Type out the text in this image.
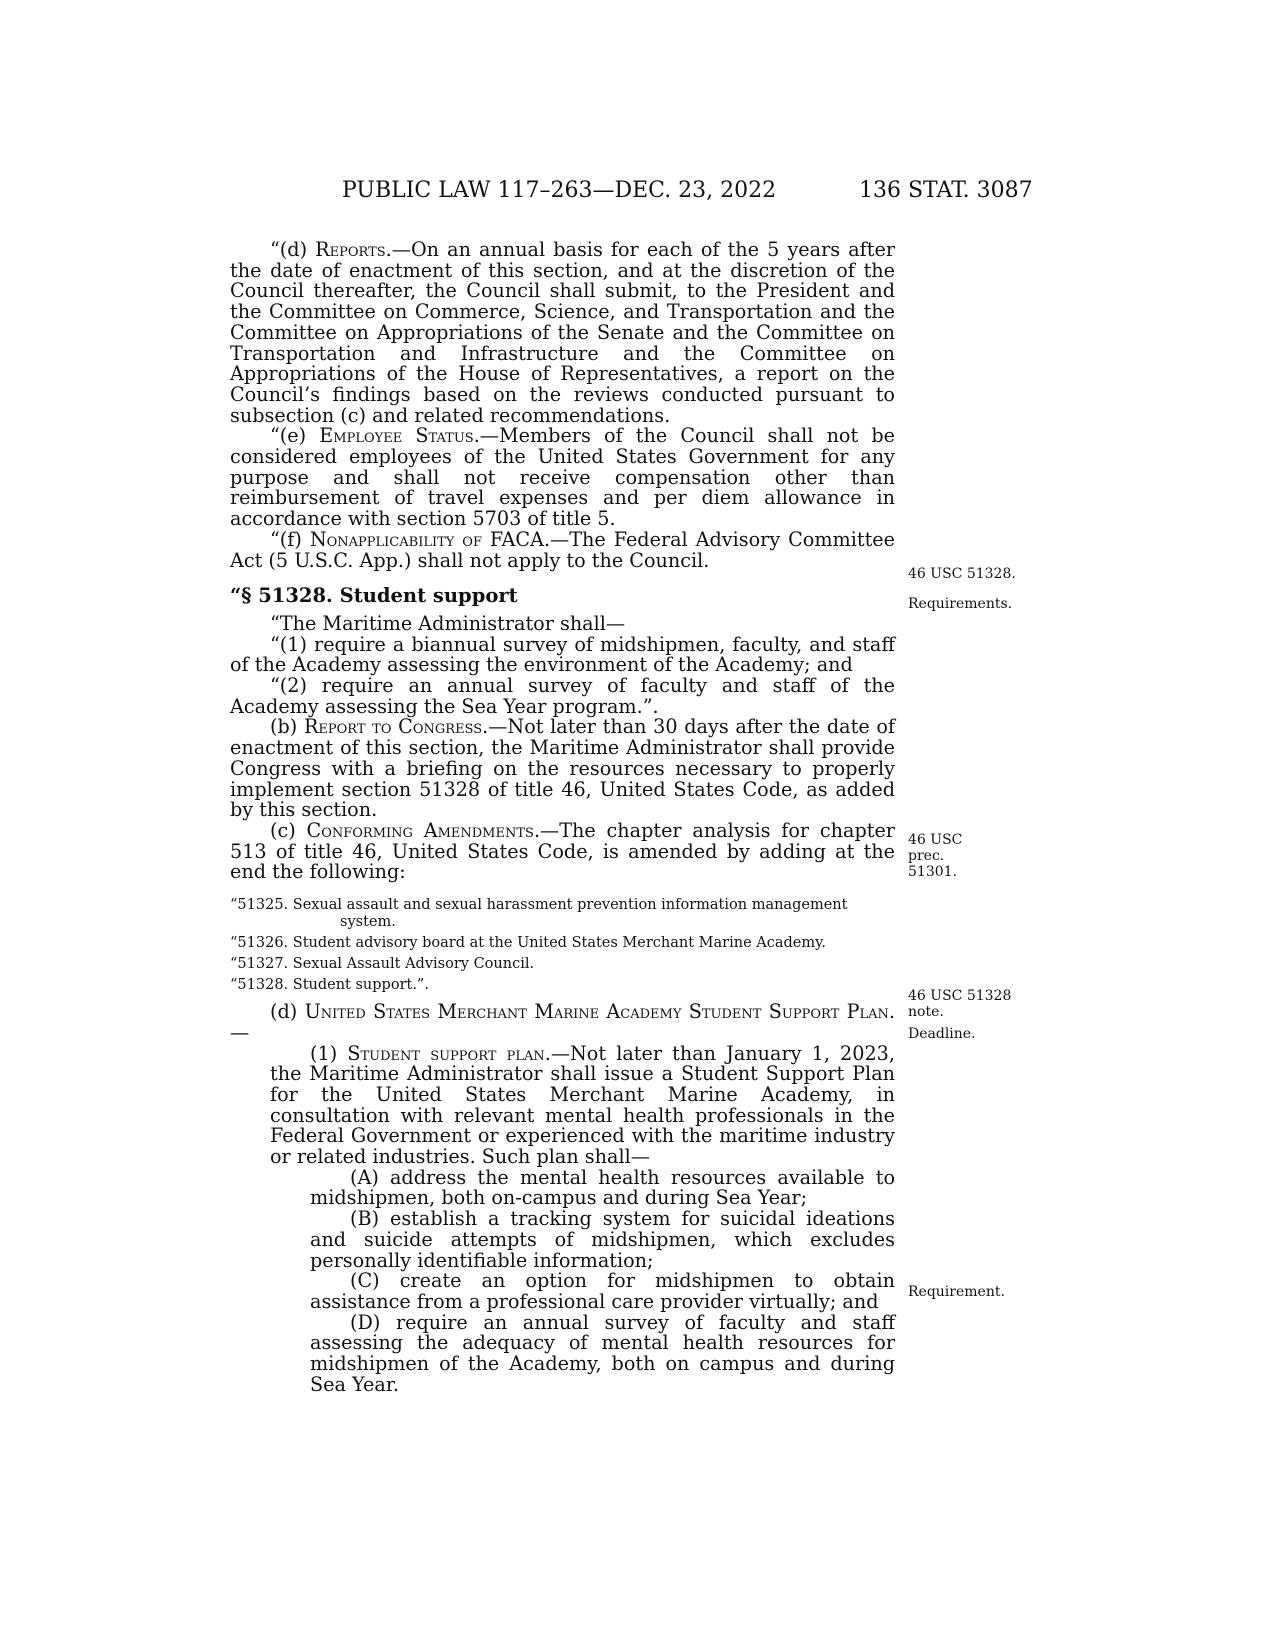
PUBLIC LAW 117–263—DEC. 23, 2022	136 STAT. 3087

“(d) Reports.—On an annual basis for each of the 5 years after the date of enactment of this section, and at the discretion of the Council thereafter, the Council shall submit, to the President and the Committee on Commerce, Science, and Transportation and the Committee on Appropriations of the Senate and the Committee on Transportation and Infrastructure and the Committee on Appropriations of the House of Representatives, a report on the Council’s findings based on the reviews conducted pursuant to subsection (c) and related recommendations.

“(e) Employee Status.—Members of the Council shall not be considered employees of the United States Government for any purpose and shall not receive compensation other than reimbursement of travel expenses and per diem allowance in accordance with section 5703 of title 5.

“(f) Nonapplicability of FACA.—The Federal Advisory Committee Act (5 U.S.C. App.) shall not apply to the Council.

“§ 51328. Student support

“The Maritime Administrator shall—

“(1) require a biannual survey of midshipmen, faculty, and staff of the Academy assessing the environment of the Academy; and

“(2) require an annual survey of faculty and staff of the Academy assessing the Sea Year program.”.

(b) Report to Congress.—Not later than 30 days after the date of enactment of this section, the Maritime Administrator shall provide Congress with a briefing on the resources necessary to properly implement section 51328 of title 46, United States Code, as added by this section.

(c) Conforming Amendments.—The chapter analysis for chapter 513 of title 46, United States Code, is amended by adding at the end the following:

“51325. Sexual assault and sexual harassment prevention information management system.

“51326. Student advisory board at the United States Merchant Marine Academy.

“51327. Sexual Assault Advisory Council.

“51328. Student support.”.

(d) United States Merchant Marine Academy Student Support Plan.—

(1) Student support plan.—Not later than January 1, 2023, the Maritime Administrator shall issue a Student Support Plan for the United States Merchant Marine Academy, in consultation with relevant mental health professionals in the Federal Government or experienced with the maritime industry or related industries. Such plan shall—

(A) address the mental health resources available to midshipmen, both on-campus and during Sea Year;

(B) establish a tracking system for suicidal ideations and suicide attempts of midshipmen, which excludes personally identifiable information;

(C) create an option for midshipmen to obtain assistance from a professional care provider virtually; and

(D) require an annual survey of faculty and staff assessing the adequacy of mental health resources for midshipmen of the Academy, both on campus and during Sea Year.

46 USC 51328.
Requirements.
46 USC prec. 51301.
46 USC 51328 note.
Deadline.
Requirement.
